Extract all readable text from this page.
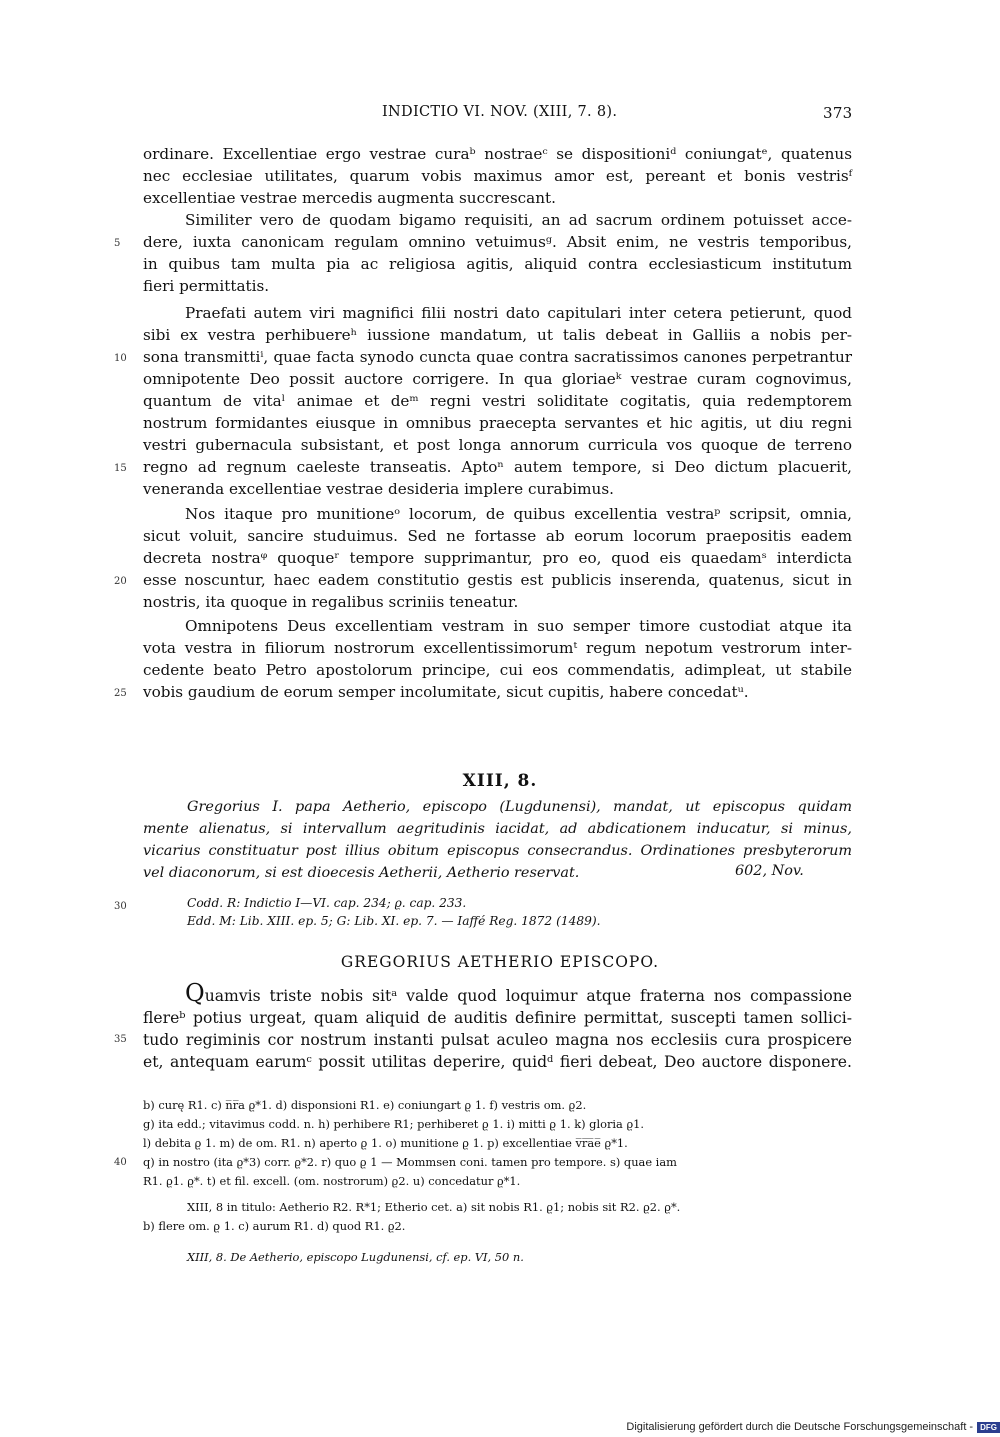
INDICTIO VI. NOV. (XIII, 7. 8).	373
ordinare. Excellentiae ergo vestrae curaᵇ nostraeᶜ se dispositioniᵈ coniungatᵉ, quatenus
nec ecclesiae utilitates, quarum vobis maximus amor est, pereant et bonis vestrisᶠ
excellentiae vestrae mercedis augmenta succrescant.
Similiter vero de quodam bigamo requisiti, an ad sacrum ordinem potuisset acce-
dere, iuxta canonicam regulam omnino vetuimusᵍ. Absit enim, ne vestris temporibus,
in quibus tam multa pia ac religiosa agitis, aliquid contra ecclesiasticum institutum
fieri permittatis.
Praefati autem viri magnifici filii nostri dato capitulari inter cetera petierunt, quod
sibi ex vestra perhibuereʰ iussione mandatum, ut talis debeat in Galliis a nobis per-
sona transmittiⁱ, quae facta synodo cuncta quae contra sacratissimos canones perpetrantur
omnipotente Deo possit auctore corrigere. In qua gloriaeᵏ vestrae curam cognovimus,
quantum de vitaˡ animae et deᵐ regni vestri soliditate cogitatis, quia redemptorem
nostrum formidantes eiusque in omnibus praecepta servantes et hic agitis, ut diu regni
vestri gubernacula subsistant, et post longa annorum curricula vos quoque de terreno
regno ad regnum caeleste transeatis. Aptoⁿ autem tempore, si Deo dictum placuerit,
veneranda excellentiae vestrae desideria implere curabimus.
Nos itaque pro munitioneᵒ locorum, de quibus excellentia vestraᵖ scripsit, omnia,
sicut voluit, sancire studuimus. Sed ne fortasse ab eorum locorum praepositis eadem
decreta nostraᵠ quoqueʳ tempore supprimantur, pro eo, quod eis quaedamˢ interdicta
esse noscuntur, haec eadem constitutio gestis est publicis inserenda, quatenus, sicut in
nostris, ita quoque in regalibus scriniis teneatur.
Omnipotens Deus excellentiam vestram in suo semper timore custodiat atque ita
vota vestra in filiorum nostrorum excellentissimorumᵗ regum nepotum vestrorum inter-
cedente beato Petro apostolorum principe, cui eos commendatis, adimpleat, ut stabile
vobis gaudium de eorum semper incolumitate, sicut cupitis, habere concedatᵘ.
5
10
15
20
25
30
35
40
XIII, 8.
Gregorius I. papa Aetherio, episcopo (Lugdunensi), mandat, ut episcopus quidam
mente alienatus, si intervallum aegritudinis iacidat, ad abdicationem inducatur, si minus,
vicarius constituatur post illius obitum episcopus consecrandus. Ordinationes presbyterorum
vel diaconorum, si est dioecesis Aetherii, Aetherio reservat.	602, Nov.
Codd. R: Indictio I—VI. cap. 234; ϱ. cap. 233.
Edd. M: Lib. XIII. ep. 5; G: Lib. XI. ep. 7. — Iaffé Reg. 1872 (1489).
GREGORIUS AETHERIO EPISCOPO.
Quamvis triste nobis sitᵃ valde quod loquimur atque fraterna nos compassione
flereᵇ potius urgeat, quam aliquid de auditis definire permittat, suscepti tamen sollici-
tudo regiminis cor nostrum instanti pulsat aculeo magna nos ecclesiis cura prospicere
et, antequam earumᶜ possit utilitas deperire, quidᵈ fieri debeat, Deo auctore disponere.
b) curę R1. c) n̅r̅a ϱ*1. d) disponsioni R1. e) coniungart ϱ 1. f) vestris om. ϱ2.
g) ita edd.; vitavimus codd. n. h) perhibere R1; perhiberet ϱ 1. i) mitti ϱ 1. k) gloria ϱ1.
l) debita ϱ 1. m) de om. R1. n) aperto ϱ 1. o) munitione ϱ 1. p) excellentiae v̅r̅a̅e̅ ϱ*1.
q) in nostro (ita ϱ*3) corr. ϱ*2. r) quo ϱ 1 — Mommsen coni. tamen pro tempore. s) quae iam
R1. ϱ1. ϱ*. t) et fil. excell. (om. nostrorum) ϱ2. u) concedatur ϱ*1.
XIII, 8 in titulo: Aetherio R2. R*1; Etherio cet. a) sit nobis R1. ϱ1; nobis sit R2. ϱ2. ϱ*.
b) flere om. ϱ 1. c) aurum R1. d) quod R1. ϱ2.
XIII, 8. De Aetherio, episcopo Lugdunensi, cf. ep. VI, 50 n.
Digitalisierung gefördert durch die Deutsche Forschungsgemeinschaft - DFG
